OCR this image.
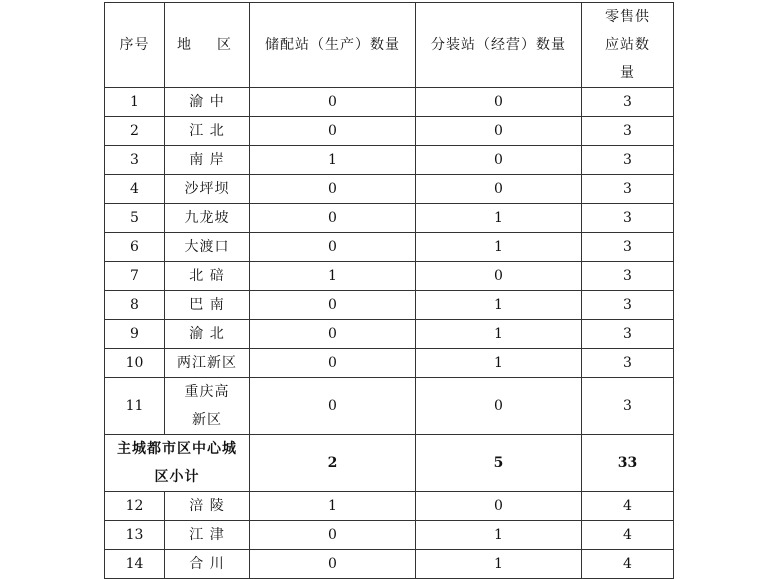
序号	地　区	储配站（生产）数量	分装站（经营）数量	零售供应站数量
1	渝 中	0	0	3
2	江 北	0	0	3
3	南 岸	1	0	3
4	沙坪坝	0	0	3
5	九龙坡	0	1	3
6	大渡口	0	1	3
7	北 碚	1	0	3
8	巴 南	0	1	3
9	渝 北	0	1	3
10	两江新区	0	1	3
11	重庆高新区	0	0	3
主城都市区中心城区小计		2	5	33
12	涪 陵	1	0	4
13	江 津	0	1	4
14	合 川	0	1	4
